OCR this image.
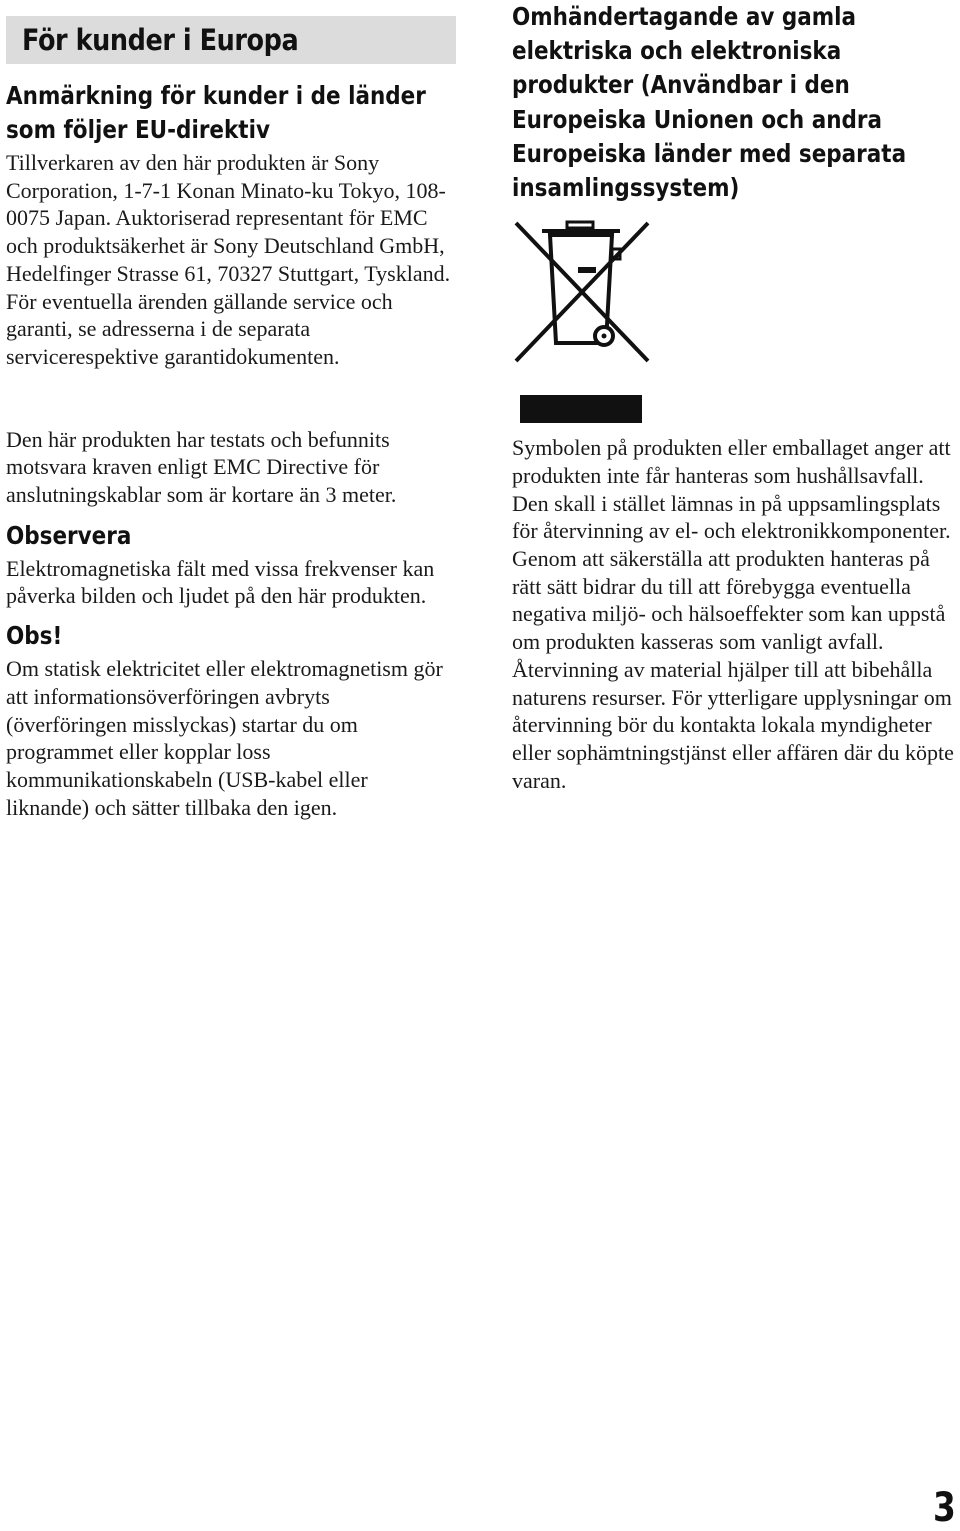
För kunder i Europa
Anmärkning för kunder i de länder som följer EU-direktiv

Tillverkaren av den här produkten är Sony Corporation, 1-7-1 Konan Minato-ku Tokyo, 108-0075 Japan. Auktoriserad representant för EMC och produktsäkerhet är Sony Deutschland GmbH, Hedelfinger Strasse 61, 70327 Stuttgart, Tyskland. För eventuella ärenden gällande service och garanti, se adresserna i de separata servicerespektive garantidokumenten.

Den här produkten har testats och befunnits motsvara kraven enligt EMC Directive för anslutningskablar som är kortare än 3 meter.

Observera

Elektromagnetiska fält med vissa frekvenser kan påverka bilden och ljudet på den här produkten.

Obs!

Om statisk elektricitet eller elektromagnetism gör att informationsöverföringen avbryts (överföringen misslyckas) startar du om programmet eller kopplar loss kommunikationskabeln (USB-kabel eller liknande) och sätter tillbaka den igen.

Omhändertagande av gamla elektriska och elektroniska produkter (Användbar i den Europeiska Unionen och andra Europeiska länder med separata insamlingssystem)

Symbolen på produkten eller emballaget anger att produkten inte får hanteras som hushållsavfall. Den skall i stället lämnas in på uppsamlingsplats för återvinning av el- och elektronikkomponenter. Genom att säkerställa att produkten hanteras på rätt sätt bidrar du till att förebygga eventuella negativa miljö- och hälsoeffekter som kan uppstå om produkten kasseras som vanligt avfall. Återvinning av material hjälper till att bibehålla naturens resurser. För ytterligare upplysningar om återvinning bör du kontakta lokala myndigheter eller sophämtningstjänst eller affären där du köpte varan.

3
